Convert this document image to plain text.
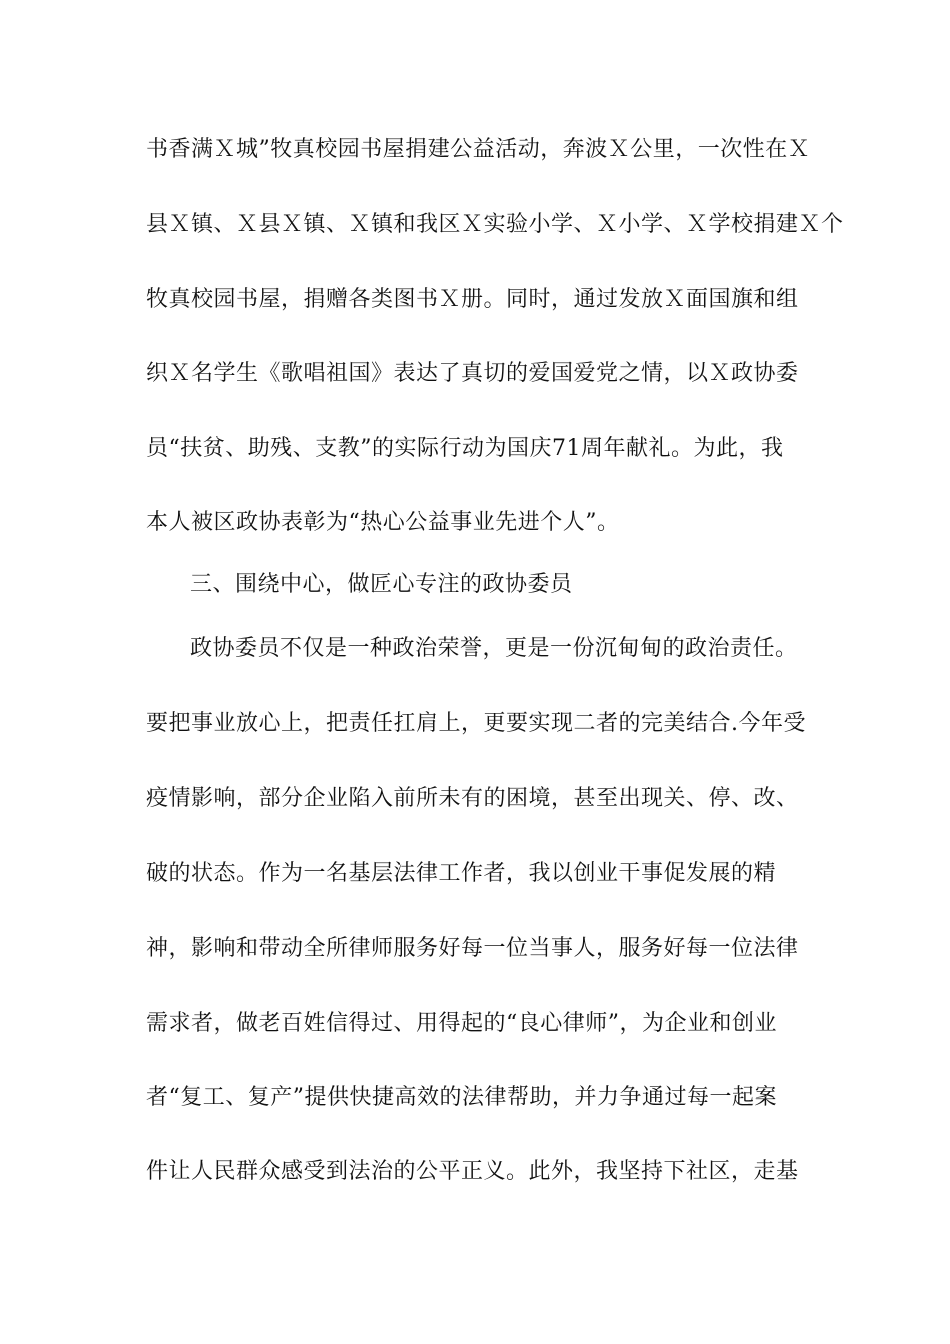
书香满Ｘ城”牧真校园书屋捐建公益活动，奔波Ｘ公里，一次性在Ｘ
县Ｘ镇、Ｘ县Ｘ镇、Ｘ镇和我区Ｘ实验小学、Ｘ小学、Ｘ学校捐建Ｘ个
牧真校园书屋，捐赠各类图书Ｘ册。同时，通过发放Ｘ面国旗和组
织Ｘ名学生《歌唱祖国》表达了真切的爱国爱党之情，以Ｘ政协委
员“扶贫、助残、支教”的实际行动为国庆71周年献礼。为此，我
本人被区政协表彰为“热心公益事业先进个人”。
三、围绕中心，做匠心专注的政协委员
政协委员不仅是一种政治荣誉，更是一份沉甸甸的政治责任。
要把事业放心上，把责任扛肩上，更要实现二者的完美结合.今年受
疫情影响，部分企业陷入前所未有的困境，甚至出现关、停、改、
破的状态。作为一名基层法律工作者，我以创业干事促发展的精
神，影响和带动全所律师服务好每一位当事人，服务好每一位法律
需求者，做老百姓信得过、用得起的“良心律师”，为企业和创业
者“复工、复产”提供快捷高效的法律帮助，并力争通过每一起案
件让人民群众感受到法治的公平正义。此外，我坚持下社区，走基
